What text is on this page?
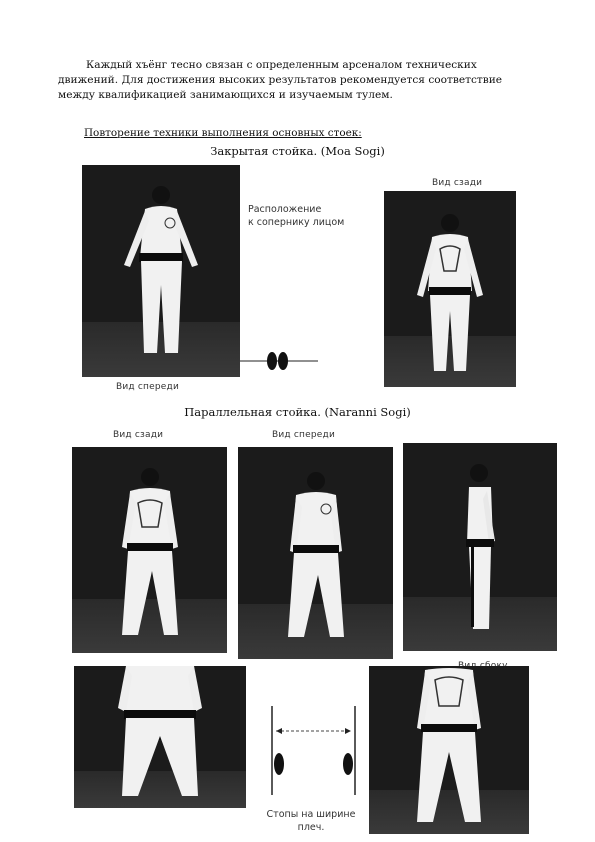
Каждый хъёнг тесно связан с определенным арсеналом технических
движений. Для достижения высоких результатов рекомендуется соответствие
между квалификацией занимающихся и изучаемым тулем.
Повторение техники выполнения основных стоек:
Закрытая стойка. (Moa Sogi)
Расположение
к сопернику лицом
Вид сзади
Вид спереди
Параллельная стойка. (Naranni Sogi)
Вид сзади	Вид спереди
Стопы на ширине
плеч.
